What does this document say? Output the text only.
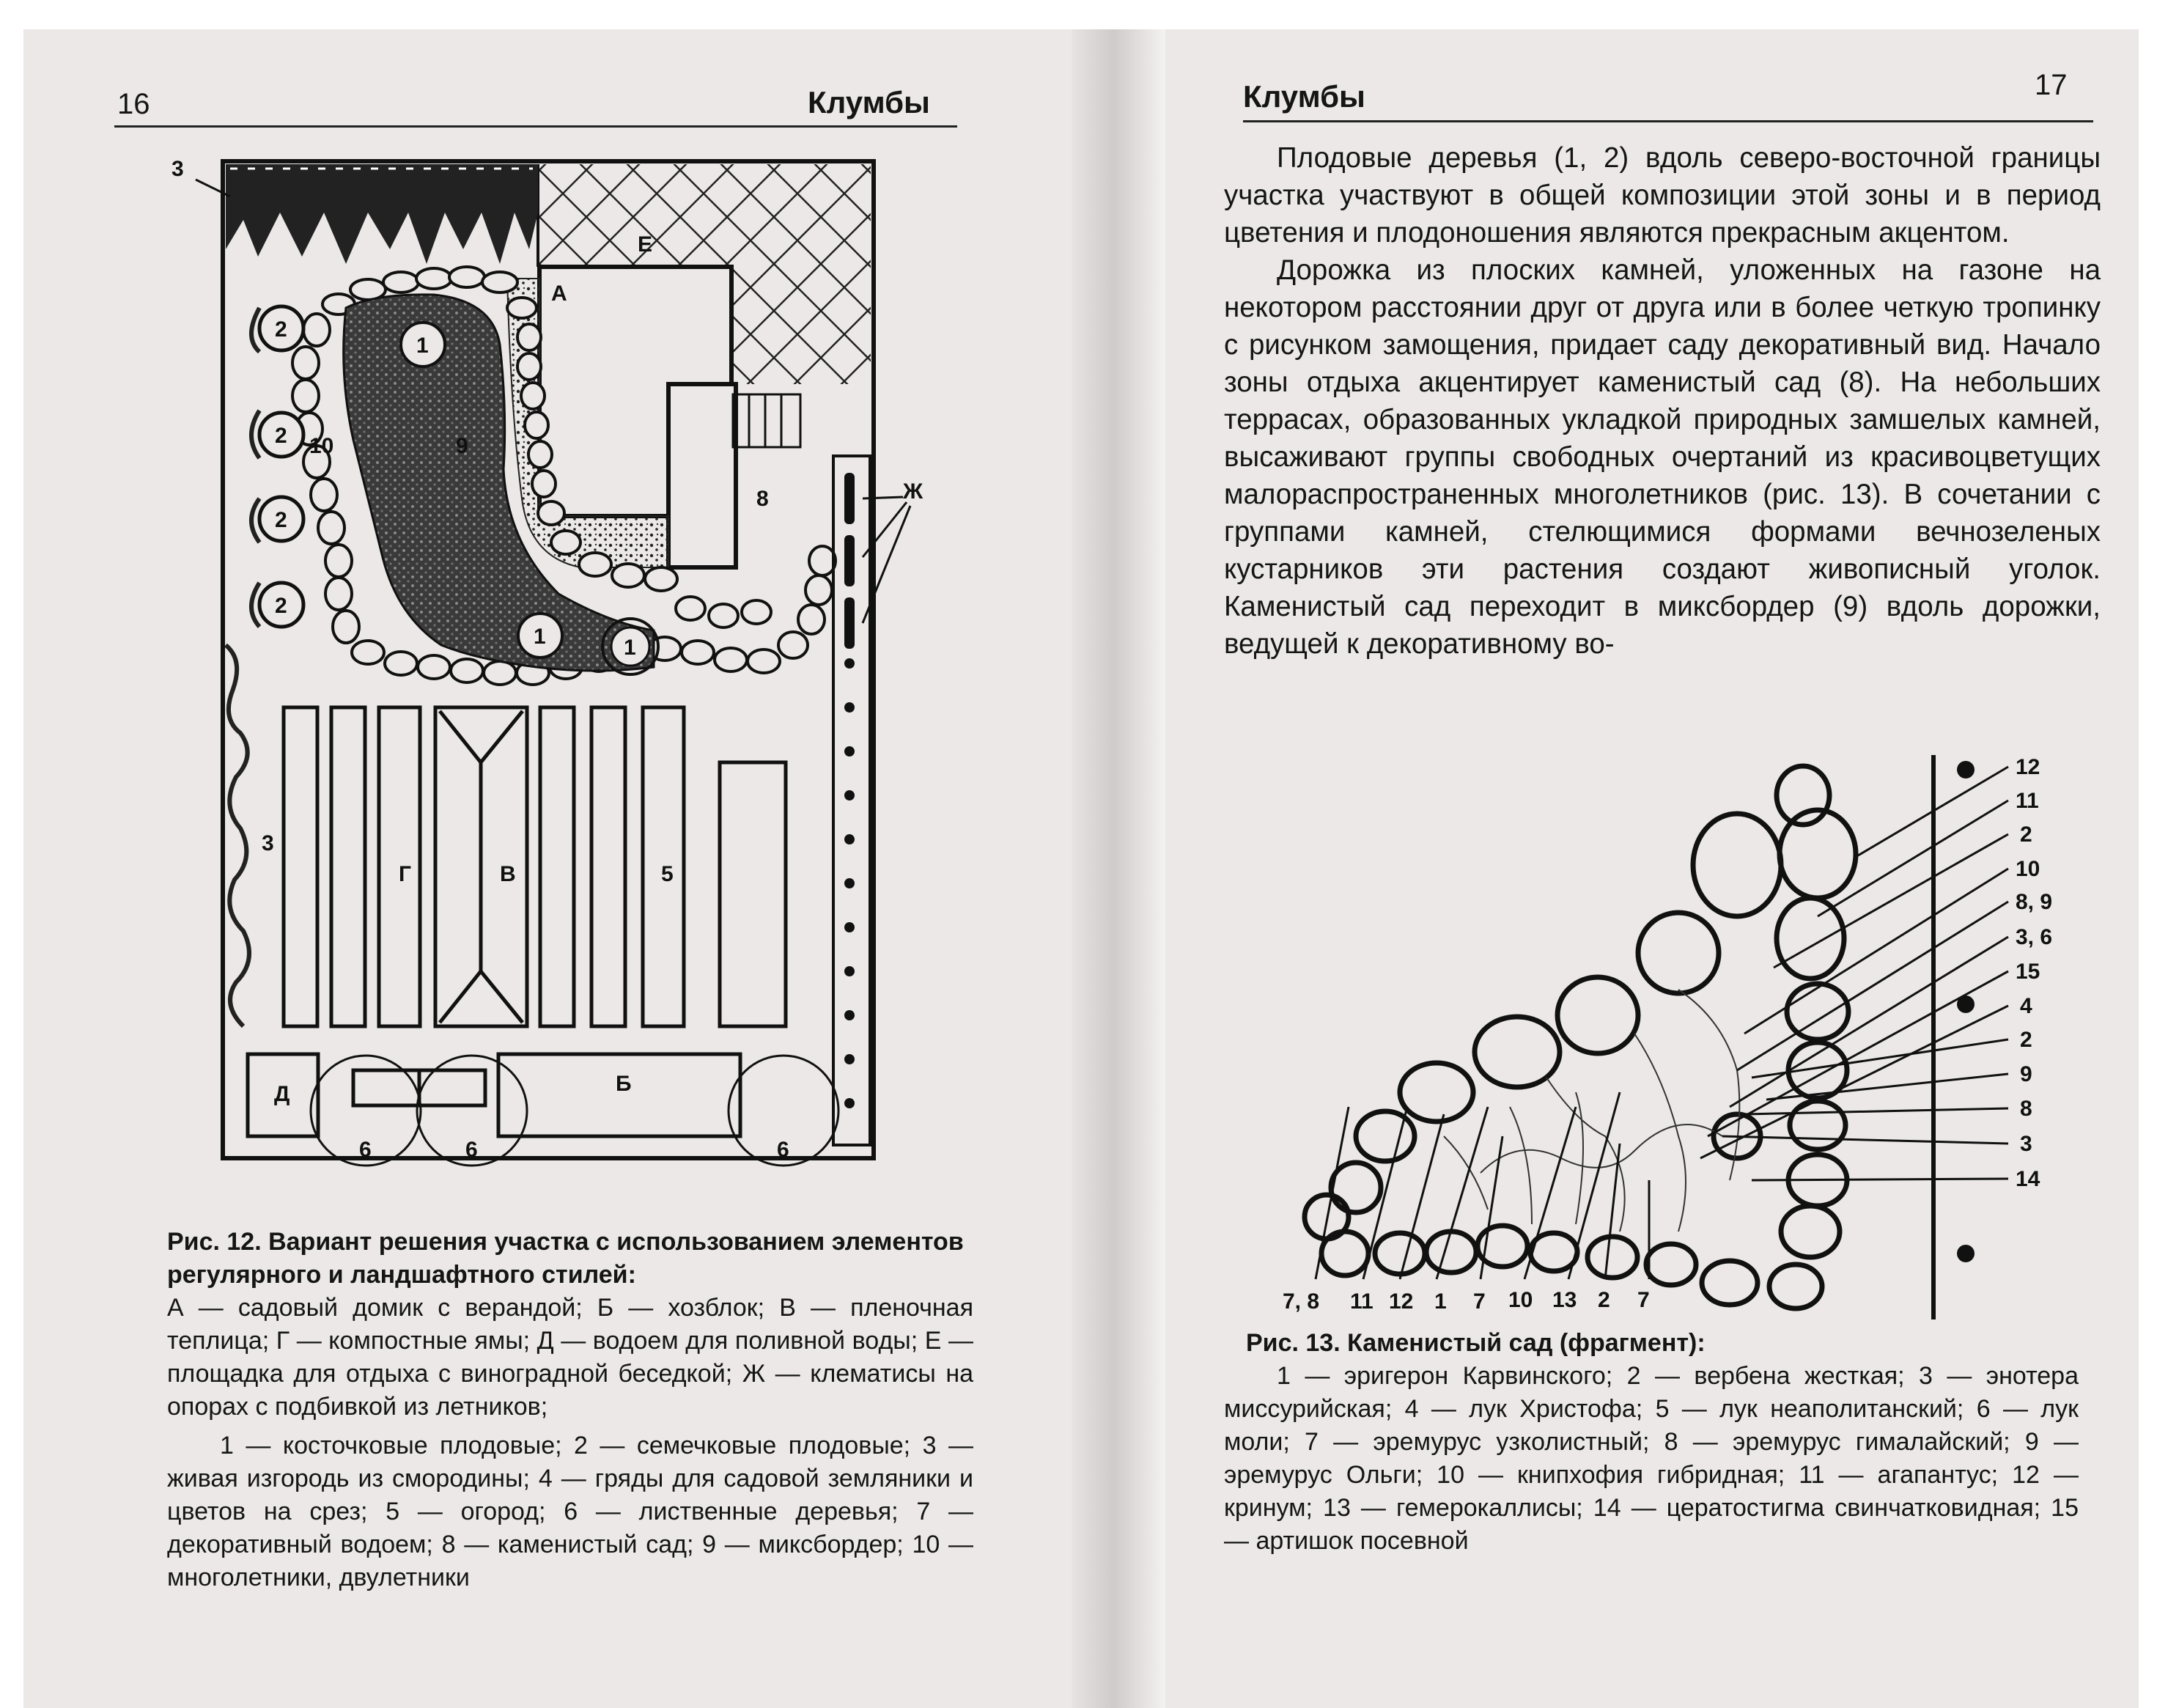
16	Клумбы
3
3
А
Е
Б
В
Г
Д
Ж
8
9
10
5
2
2
2
2
1
1	1
6	6	6

Рис. 12. Вариант решения участка с использованием элементов регулярного и ландшафтного стилей:

А — садовый домик с верандой; Б — хозблок; В — пленочная теплица; Г — компостные ямы; Д — водоем для поливной воды; Е — площадка для отдыха с виноградной беседкой; Ж — клематисы на опорах с подбивкой из летников;

1 — косточковые плодовые; 2 — семечковые плодовые; 3 — живая изгородь из смородины; 4 — гряды для садовой земляники и цветов на срез; 5 — огород; 6 — лиственные деревья; 7 — декоративный водоем; 8 — каменистый сад; 9 — миксбордер; 10 — многолетники, двулетники

Клумбы	17

Плодовые деревья (1, 2) вдоль северо-восточной границы участка участвуют в общей композиции этой зоны и в период цветения и плодоношения являются прекрасным акцентом.

Дорожка из плоских камней, уложенных на газоне на некотором расстоянии друг от друга или в более четкую тропинку с рисунком замощения, придает саду декоративный вид. Начало зоны отдыха акцентирует каменистый сад (8). На небольших террасах, образованных укладкой природных замшелых камней, высаживают группы свободных очертаний из красивоцветущих малораспространенных многолетников (рис. 13). В сочетании с группами камней, стелющимися формами вечнозеленых кустарников эти растения создают живописный уголок. Каменистый сад переходит в миксбордер (9) вдоль дорожки, ведущей к декоративному во-

12
11
2
10
8, 9
3, 6
15
4
2
9
8
3
14
7, 8 11 12 1 7 10 13 2 7

Рис. 13. Каменистый сад (фрагмент):

1 — эригерон Карвинского; 2 — вербена жесткая; 3 — энотера миссурийская; 4 — лук Христофа; 5 — лук неаполитанский; 6 — лук моли; 7 — эремурус узколистный; 8 — эремурус гималайский; 9 — эремурус Ольги; 10 — книпхофия гибридная; 11 — агапантус; 12 — кринум; 13 — гемерокаллисы; 14 — цератостигма свинчатковидная; 15 — артишок посевной
